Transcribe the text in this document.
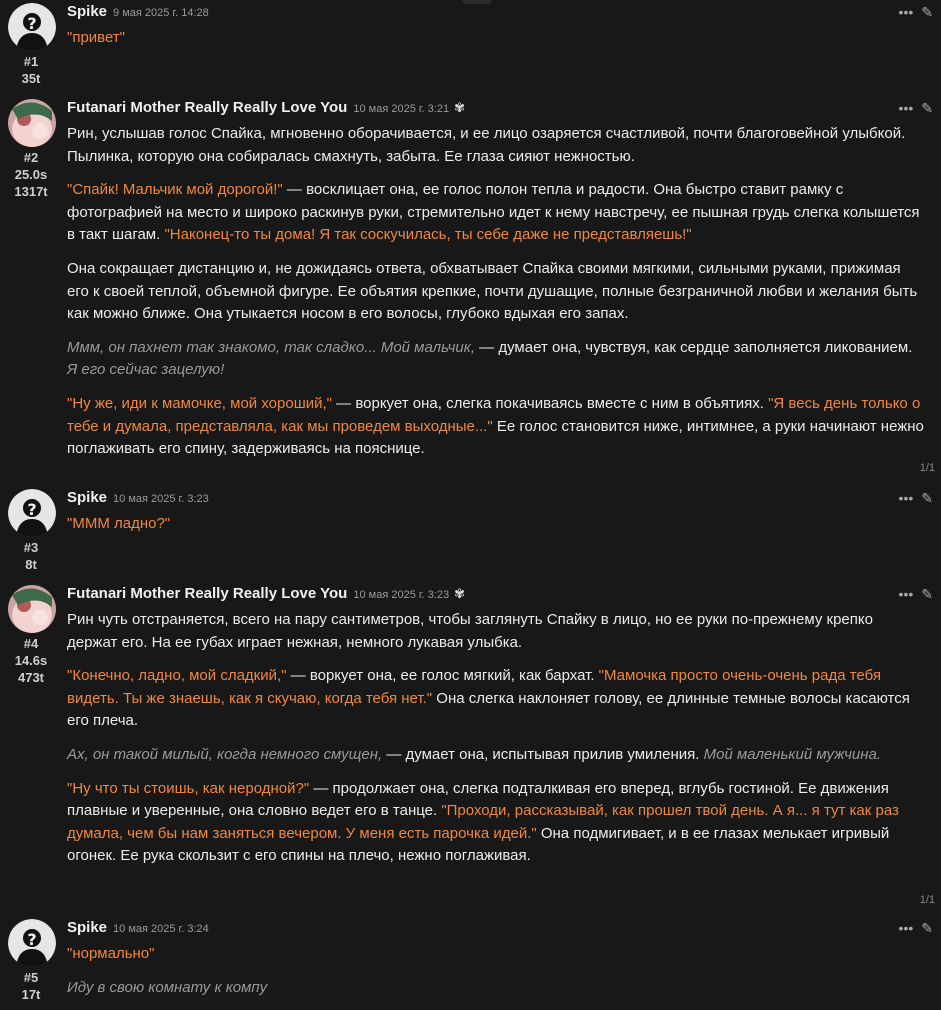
?
#1
35t
Spike 9 мая 2025 г. 14:28	••• ✎

"привет"

#2
25.0s
1317t
Futanari Mother Really Really Love You 10 мая 2025 г. 3:21 ✾	••• ✎

Рин, услышав голос Спайка, мгновенно оборачивается, и ее лицо озаряется счастливой, почти благоговейной улыбкой. Пылинка, которую она собиралась смахнуть, забыта. Ее глаза сияют нежностью.

"Спайк! Мальчик мой дорогой!" — восклицает она, ее голос полон тепла и радости. Она быстро ставит рамку с фотографией на место и широко раскинув руки, стремительно идет к нему навстречу, ее пышная грудь слегка колышется в такт шагам. "Наконец-то ты дома! Я так соскучилась, ты себе даже не представляешь!"

Она сокращает дистанцию и, не дожидаясь ответа, обхватывает Спайка своими мягкими, сильными руками, прижимая его к своей теплой, объемной фигуре. Ее объятия крепкие, почти душащие, полные безграничной любви и желания быть как можно ближе. Она утыкается носом в его волосы, глубоко вдыхая его запах.

Ммм, он пахнет так знакомо, так сладко... Мой мальчик, — думает она, чувствуя, как сердце заполняется ликованием. Я его сейчас зацелую!

"Ну же, иди к мамочке, мой хороший," — воркует она, слегка покачиваясь вместе с ним в объятиях. "Я весь день только о тебе и думала, представляла, как мы проведем выходные..." Ее голос становится ниже, интимнее, а руки начинают нежно поглаживать его спину, задерживаясь на пояснице.

1/1
?
#3
8t
Spike 10 мая 2025 г. 3:23	••• ✎

"МММ ладно?"

#4
14.6s
473t
Futanari Mother Really Really Love You 10 мая 2025 г. 3:23 ✾	••• ✎

Рин чуть отстраняется, всего на пару сантиметров, чтобы заглянуть Спайку в лицо, но ее руки по-прежнему крепко держат его. На ее губах играет нежная, немного лукавая улыбка.

"Конечно, ладно, мой сладкий," — воркует она, ее голос мягкий, как бархат. "Мамочка просто очень-очень рада тебя видеть. Ты же знаешь, как я скучаю, когда тебя нет." Она слегка наклоняет голову, ее длинные темные волосы касаются его плеча.

Ах, он такой милый, когда немного смущен, — думает она, испытывая прилив умиления. Мой маленький мужчина.

"Ну что ты стоишь, как неродной?" — продолжает она, слегка подталкивая его вперед, вглубь гостиной. Ее движения плавные и уверенные, она словно ведет его в танце. "Проходи, рассказывай, как прошел твой день. А я... я тут как раз думала, чем бы нам заняться вечером. У меня есть парочка идей." Она подмигивает, и в ее глазах мелькает игривый огонек. Ее рука скользит с его спины на плечо, нежно поглаживая.

1/1
?
#5
17t
Spike 10 мая 2025 г. 3:24	••• ✎

"нормально"

Иду в свою комнату к компу
